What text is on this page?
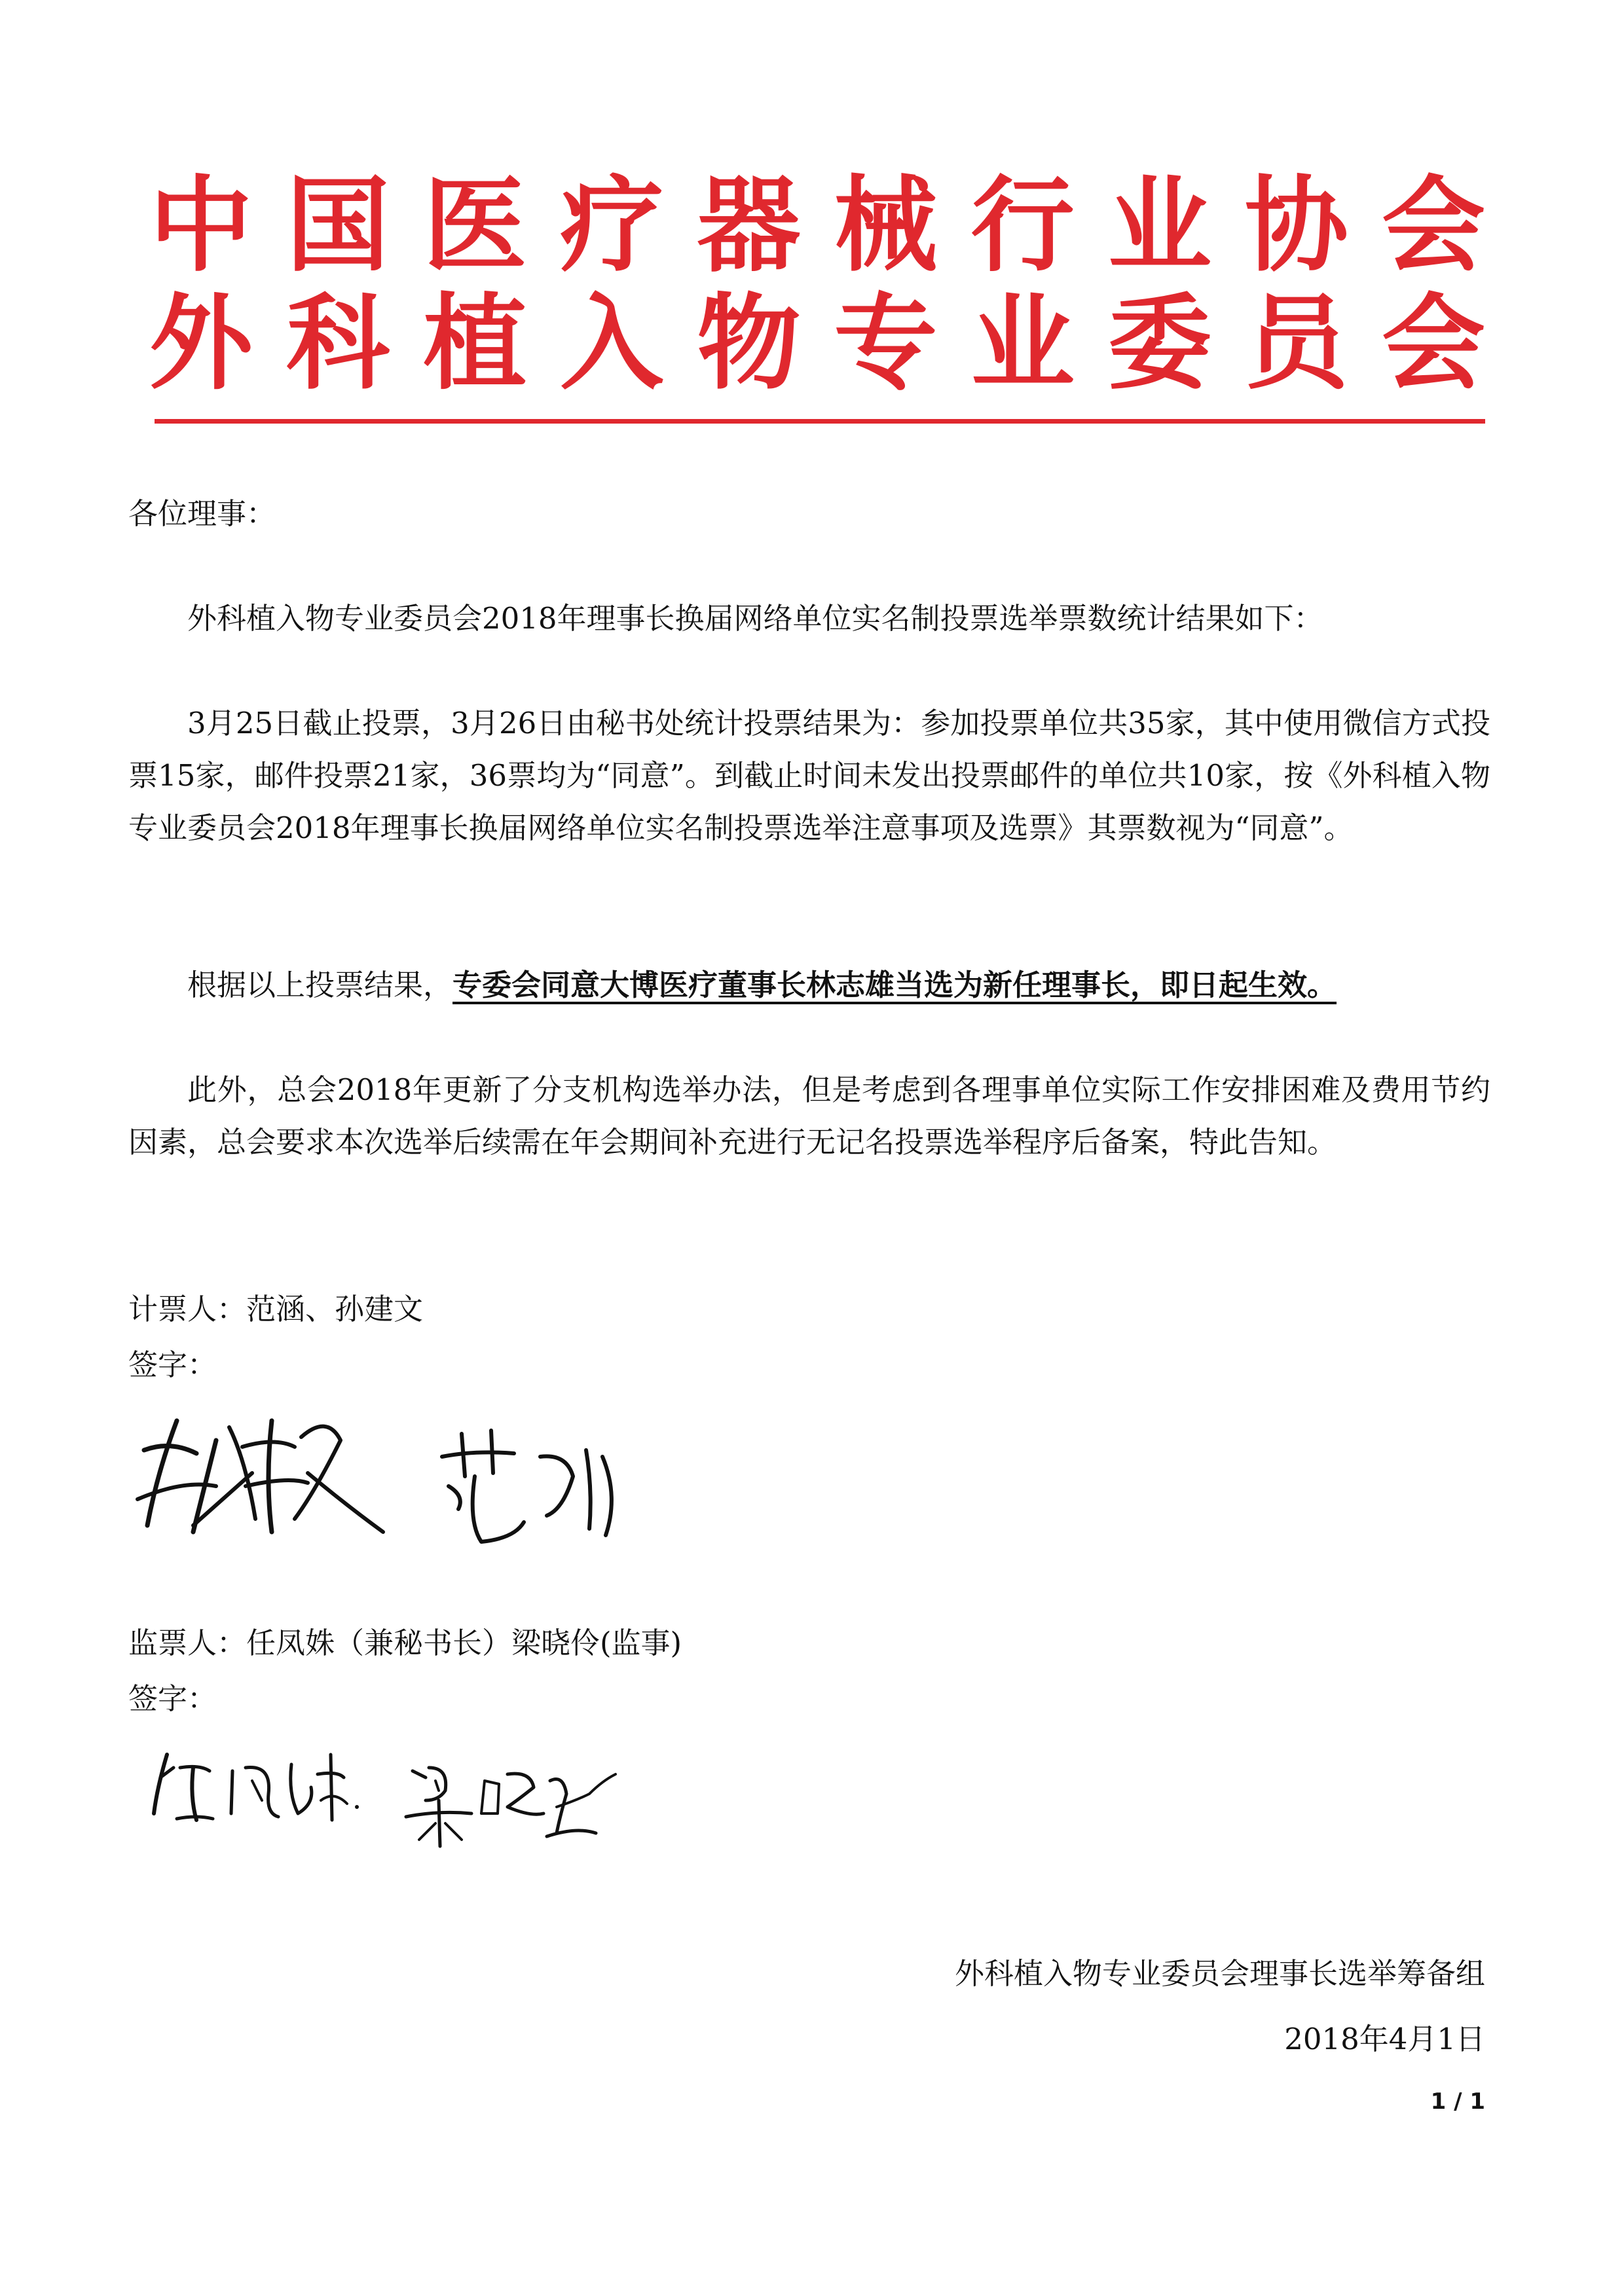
中 国 医 疗 器 械 行 业 协 会
外 科 植 入 物 专 业 委 员 会
各位理事：
外科植入物专业委员会2018年理事长换届网络单位实名制投票选举票数统计结果如下：
3月25日截止投票，3月26日由秘书处统计投票结果为：参加投票单位共35家，其中使用微信方式投票15家，邮件投票21家，36票均为“同意”。到截止时间未发出投票邮件的单位共10家，按《外科植入物专业委员会2018年理事长换届网络单位实名制投票选举注意事项及选票》其票数视为“同意”。
根据以上投票结果，专委会同意大博医疗董事长林志雄当选为新任理事长，即日起生效。
此外，总会2018年更新了分支机构选举办法，但是考虑到各理事单位实际工作安排困难及费用节约因素，总会要求本次选举后续需在年会期间补充进行无记名投票选举程序后备案，特此告知。
计票人：范涵、孙建文
签字：
监票人：任凤姝（兼秘书长）梁晓伶(监事)
签字：
外科植入物专业委员会理事长选举筹备组
2018年4月1日
1 / 1
